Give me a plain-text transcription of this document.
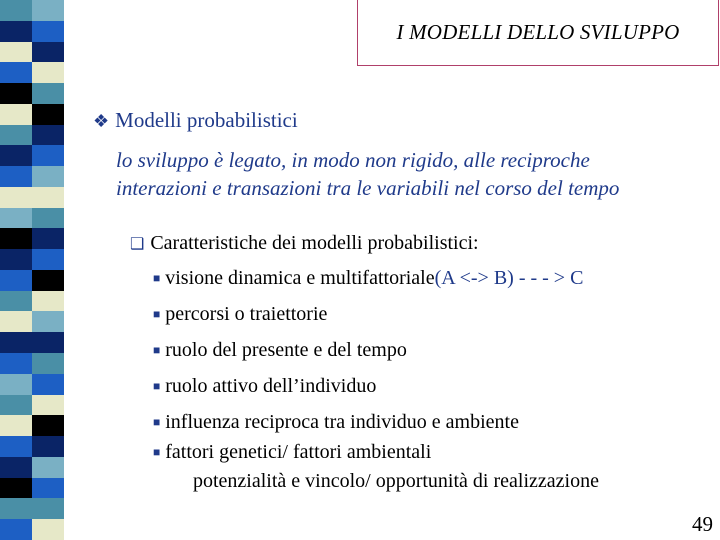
I MODELLI DELLO SVILUPPO
❖ Modelli probabilistici
lo sviluppo è legato, in modo non rigido, alle reciproche
interazioni e transazioni tra le variabili nel corso del tempo
❑ Caratteristiche dei modelli probabilistici:
■ visione dinamica e multifattoriale(A <-> B) - - - > C
■ percorsi o traiettorie
■ ruolo del presente e del tempo
■ ruolo attivo dell’individuo
■ influenza reciproca tra individuo e ambiente
■ fattori genetici/ fattori ambientali
potenzialità e vincolo/ opportunità di realizzazione
49
